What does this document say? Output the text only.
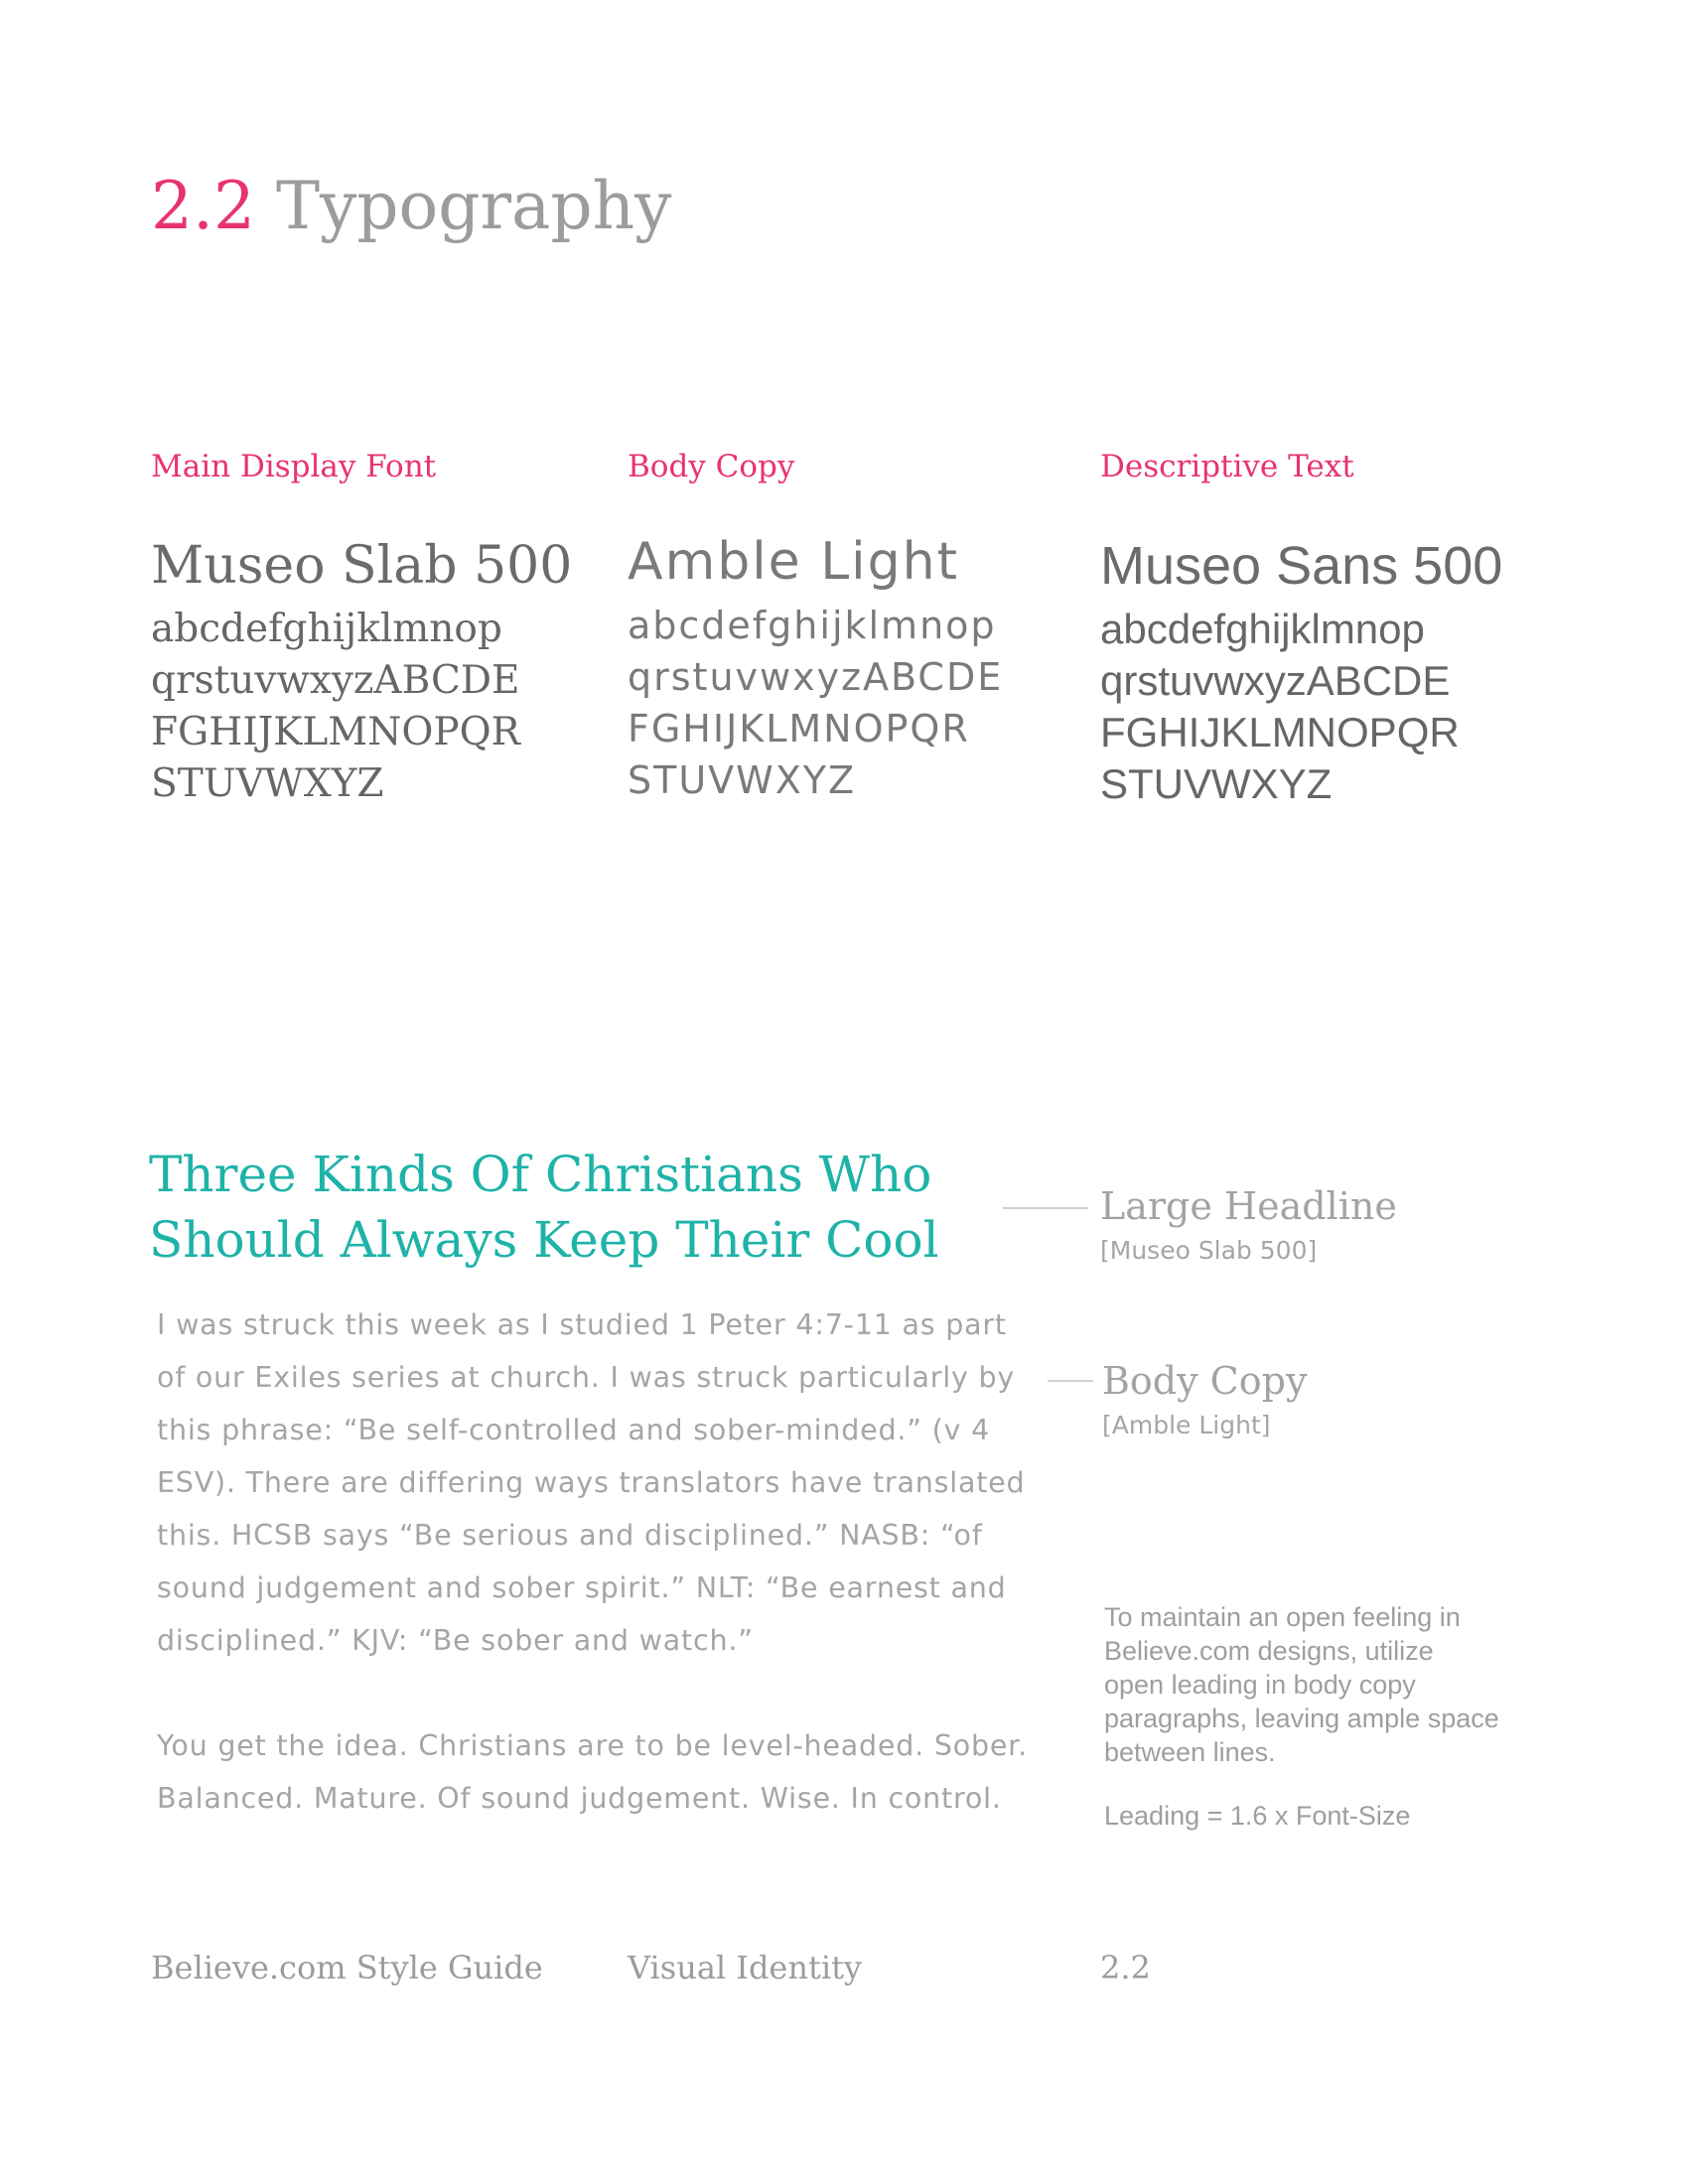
2.2 Typography

Main Display Font

Museo Slab 500

abcdefghijklmnop
qrstuvwxyzABCDE
FGHIJKLMNOPQR
STUVWXYZ

Body Copy

Amble Light

abcdefghijklmnop
qrstuvwxyzABCDE
FGHIJKLMNOPQR
STUVWXYZ

Descriptive Text

Museo Sans 500

abcdefghijklmnop
qrstuvwxyzABCDE
FGHIJKLMNOPQR
STUVWXYZ

Three Kinds Of Christians Who
Should Always Keep Their Cool

I was struck this week as I studied 1 Peter 4:7-11 as part
of our Exiles series at church. I was struck particularly by
this phrase: “Be self-controlled and sober-minded.” (v 4
ESV). There are differing ways translators have translated
this. HCSB says “Be serious and disciplined.” NASB: “of
sound judgement and sober spirit.” NLT: “Be earnest and
disciplined.” KJV: “Be sober and watch.”

You get the idea. Christians are to be level-headed. Sober.
Balanced. Mature. Of sound judgement. Wise. In control.

Large Headline

[Museo Slab 500]

Body Copy

[Amble Light]

To maintain an open feeling in
Believe.com designs, utilize
open leading in body copy
paragraphs, leaving ample space
between lines.

Leading = 1.6 x Font-Size

Believe.com Style Guide	Visual Identity	2.2
